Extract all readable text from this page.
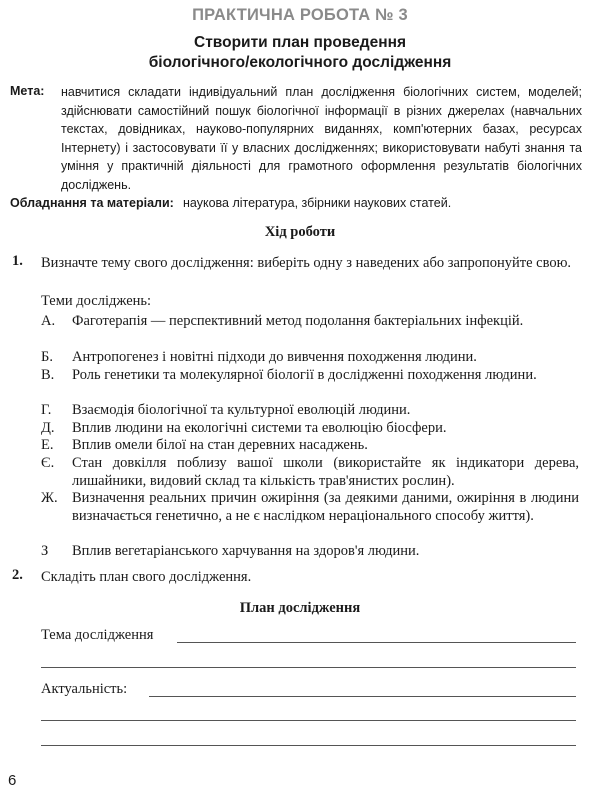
ПРАКТИЧНА РОБОТА № 3
Створити план проведення
біологічного/екологічного дослідження
Мета: навчитися складати індивідуальний план дослідження біологічних систем, моделей; здійснювати самостійний пошук біологічної інформації в різних джерелах (навчальних текстах, довідниках, науково-популярних виданнях, комп'ютерних базах, ресурсах Інтернету) і застосовувати її у власних дослідженнях; використовувати набуті знання та уміння у практичній діяльності для грамотного оформлення результатів біологічних досліджень.
Обладнання та матеріали: наукова література, збірники наукових статей.
Хід роботи
1. Визначте тему свого дослідження: виберіть одну з наведених або запропонуйте свою.
Теми досліджень:
А. Фаготерапія — перспективний метод подолання бактеріальних інфекцій.
Б. Антропогенез і новітні підходи до вивчення походження людини.
В. Роль генетики та молекулярної біології в дослідженні походження людини.
Г. Взаємодія біологічної та культурної еволюцій людини.
Д. Вплив людини на екологічні системи та еволюцію біосфери.
Е. Вплив омели білої на стан деревних насаджень.
Є. Стан довкілля поблизу вашої школи (використайте як індикатори дерева, лишайники, видовий склад та кількість трав'янистих рослин).
Ж. Визначення реальних причин ожиріння (за деякими даними, ожиріння в людини визначається генетично, а не є наслідком нераціонального способу життя).
З Вплив вегетаріанського харчування на здоров'я людини.
2. Складіть план свого дослідження.
План дослідження
Тема дослідження
Актуальність:
6
